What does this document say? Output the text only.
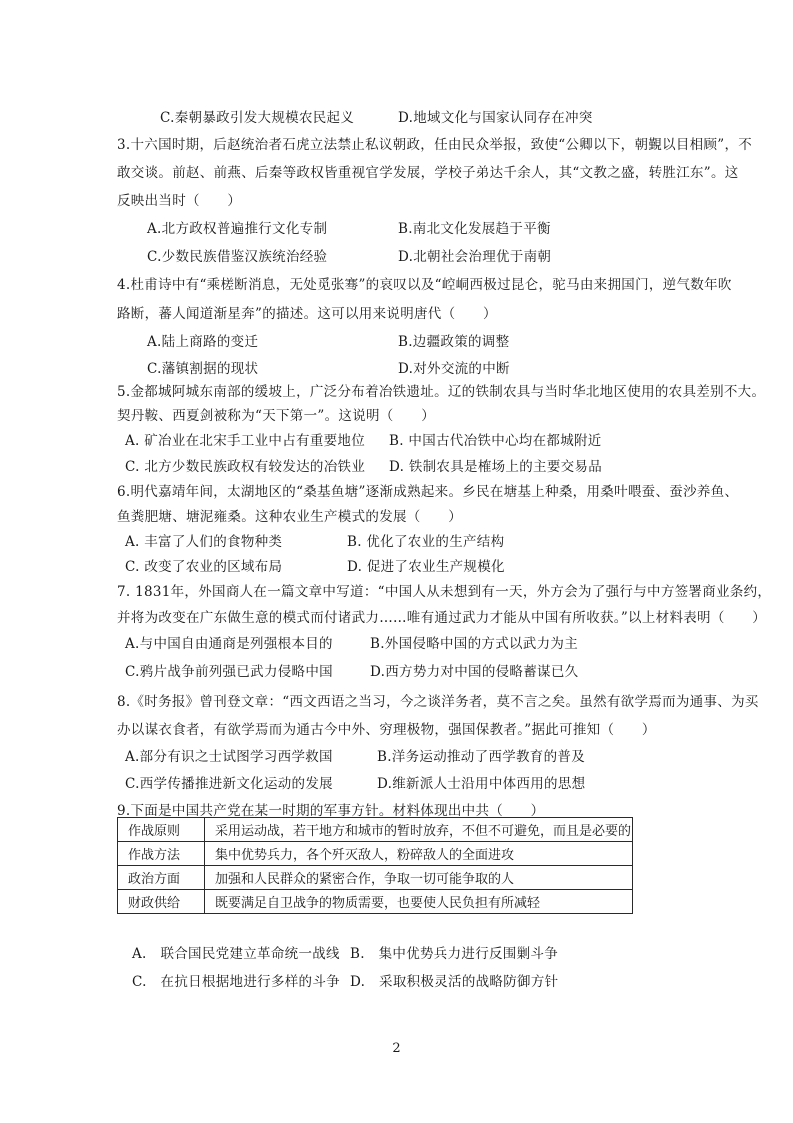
C.秦朝暴政引发大规模农民起义	D.地域文化与国家认同存在冲突
3.十六国时期，后赵统治者石虎立法禁止私议朝政，任由民众举报，致使“公卿以下，朝覲以目相顾”，不
敢交谈。前赵、前燕、后秦等政权皆重视官学发展，学校子弟达千余人，其“文教之盛，转胜江东”。这
反映出当时（　　）
A.北方政权普遍推行文化专制	B.南北文化发展趋于平衡
C.少数民族借鉴汉族统治经验	D.北朝社会治理优于南朝
4.杜甫诗中有“乘槎断消息，无处觅张骞”的哀叹以及“崆峒西极过昆仑，驼马由来拥国门，逆气数年吹
路断，蕃人闻道渐星奔”的描述。这可以用来说明唐代（　　）
A.陆上商路的变迁	B.边疆政策的调整
C.藩镇割据的现状	D.对外交流的中断
5.金都城阿城东南部的缓坡上，广泛分布着冶铁遗址。辽的铁制农具与当时华北地区使用的农具差别不大。
契丹鞍、西夏剑被称为“天下第一”。这说明（　　）
A. 矿冶业在北宋手工业中占有重要地位 B. 中国古代冶铁中心均在都城附近
C. 北方少数民族政权有较发达的冶铁业 D. 铁制农具是榷场上的主要交易品
6.明代嘉靖年间，太湖地区的“桑基鱼塘”逐渐成熟起来。乡民在塘基上种桑，用桑叶喂蚕、蚕沙养鱼、
鱼粪肥塘、塘泥雍桑。这种农业生产模式的发展（　　）
A. 丰富了人们的食物种类	B. 优化了农业的生产结构
C. 改变了农业的区域布局	D. 促进了农业生产规模化
7. 1831年，外国商人在一篇文章中写道：“中国人从未想到有一天，外方会为了强行与中方签署商业条约，
并将为改变在广东做生意的模式而付诸武力……唯有通过武力才能从中国有所收获。”以上材料表明（　　）
A.与中国自由通商是列强根本目的	B.外国侵略中国的方式以武力为主
C.鸦片战争前列强已武力侵略中国	D.西方势力对中国的侵略蓄谋已久
8.《时务报》曾刊登文章：“西文西语之当习，今之谈洋务者，莫不言之矣。虽然有欲学焉而为通事、为买
办以谋衣食者，有欲学焉而为通古今中外、穷理极物，强国保教者。”据此可推知（　　）
A.部分有识之士试图学习西学救国	B.洋务运动推动了西学教育的普及
C.西学传播推进新文化运动的发展	D.维新派人士沿用中体西用的思想
9.下面是中国共产党在某一时期的军事方针。材料体现出中共（　　）
作战原则	采用运动战，若干地方和城市的暂时放弃，不但不可避免，而且是必要的
作战方法	集中优势兵力，各个歼灭敌人，粉碎敌人的全面进攻
政治方面	加强和人民群众的紧密合作，争取一切可能争取的人
财政供给	既要满足自卫战争的物质需要，也要使人民负担有所减轻
A.　联合国民党建立革命统一战线 B.　集中优势兵力进行反围剿斗争
C.　在抗日根据地进行多样的斗争 D.　采取积极灵活的战略防御方针
2
